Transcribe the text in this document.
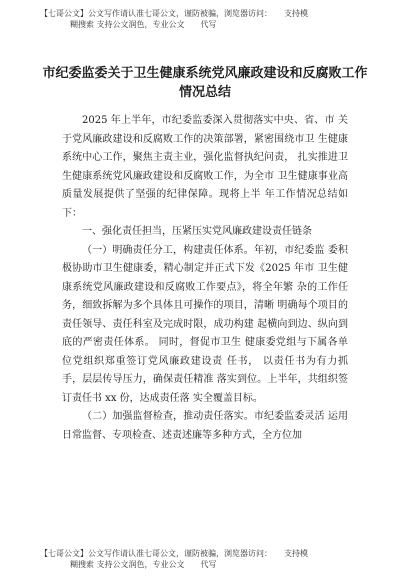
【七哥公文】公文写作请认准七哥公文，谨防被骗，浏览器访问：　　支持模
糊搜索 支持公文润色，专业公文　　代写
市纪委监委关于卫生健康系统党风廉政建设和反腐败工作
情况总结

2025 年上半年，市纪委监委深入贯彻落实中央、省、市 关于党风廉政建设和反腐败工作的决策部署，紧密围绕市卫 生健康系统中心工作，聚焦主责主业，强化监督执纪问责， 扎实推进卫生健康系统党风廉政建设和反腐败工作，为全市 卫生健康事业高质量发展提供了坚强的纪律保障。现将上半 年工作情况总结如下：

一、强化责任担当，压紧压实党风廉政建设责任链条

（一）明确责任分工，构建责任体系。年初，市纪委监 委积极协助市卫生健康委，精心制定并正式下发《2025 年市 卫生健康系统党风廉政建设和反腐败工作要点》，将全年繁 杂的工作任务，细致拆解为多个具体且可操作的项目，清晰 明确每个项目的责任领导、责任科室及完成时限，成功构建 起横向到边、纵向到底的严密责任体系。 同时，督促市卫生 健康委党组与下属各单位党组织郑重签订党风廉政建设责 任书， 以责任书为有力抓手，层层传导压力，确保责任精准 落实到位。上半年，共组织签订责任书 xx 份，达成责任落 实全覆盖目标。

（二）加强监督检查，推动责任落实。市纪委监委灵活 运用日常监督、专项检查、述责述廉等多种方式，全方位加

【七哥公文】公文写作请认准七哥公文，谨防被骗，浏览器访问：　　支持模
糊搜索 支持公文润色，专业公文　　代写
